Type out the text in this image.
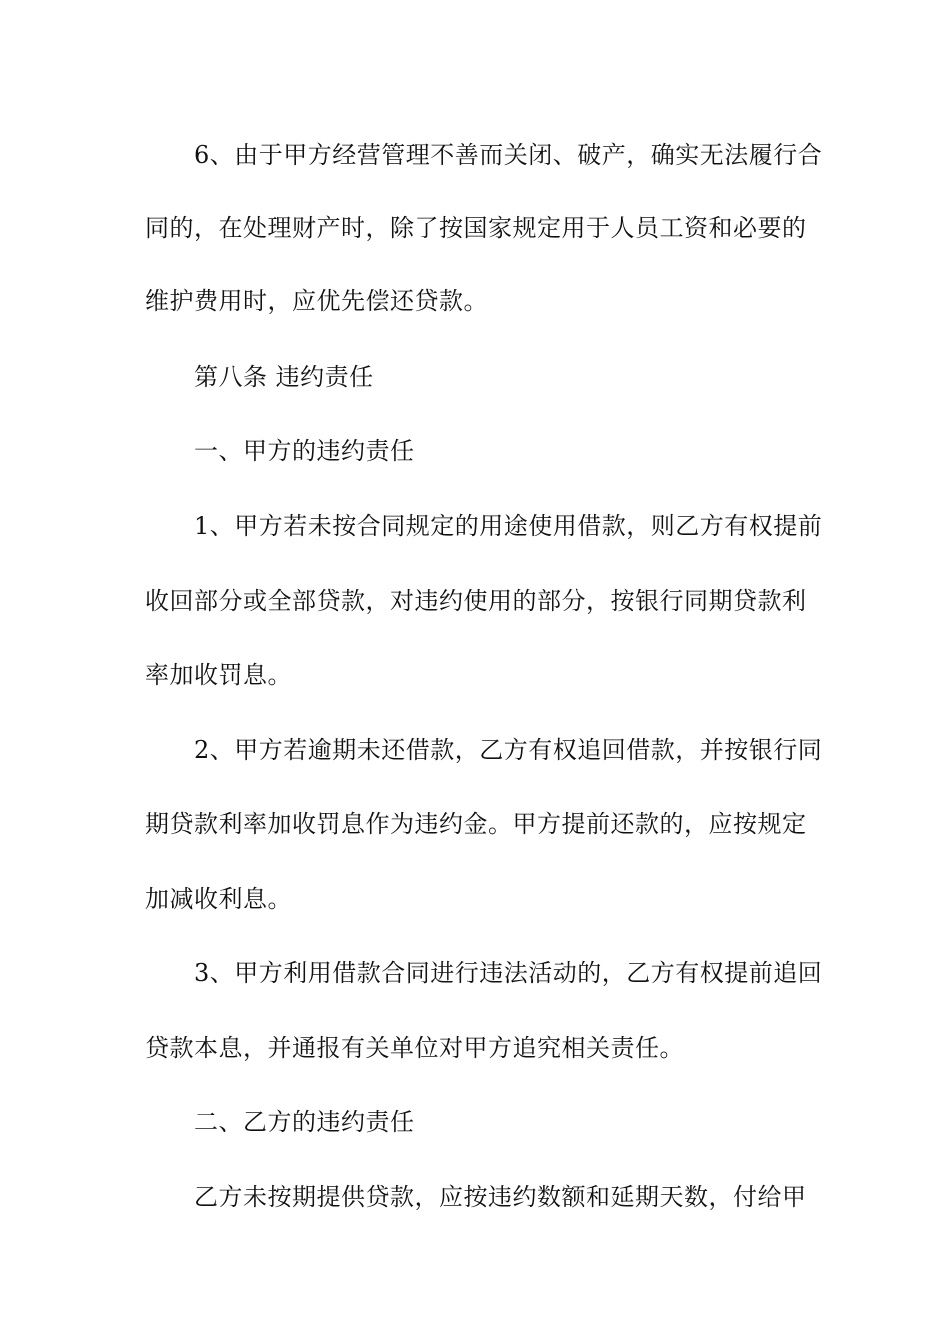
6、由于甲方经营管理不善而关闭、破产，确实无法履行合
同的，在处理财产时，除了按国家规定用于人员工资和必要的
维护费用时，应优先偿还贷款。
第八条 违约责任
一、甲方的违约责任
1、甲方若未按合同规定的用途使用借款，则乙方有权提前
收回部分或全部贷款，对违约使用的部分，按银行同期贷款利
率加收罚息。
2、甲方若逾期未还借款，乙方有权追回借款，并按银行同
期贷款利率加收罚息作为违约金。甲方提前还款的，应按规定
加减收利息。
3、甲方利用借款合同进行违法活动的，乙方有权提前追回
贷款本息，并通报有关单位对甲方追究相关责任。
二、乙方的违约责任
乙方未按期提供贷款，应按违约数额和延期天数，付给甲
